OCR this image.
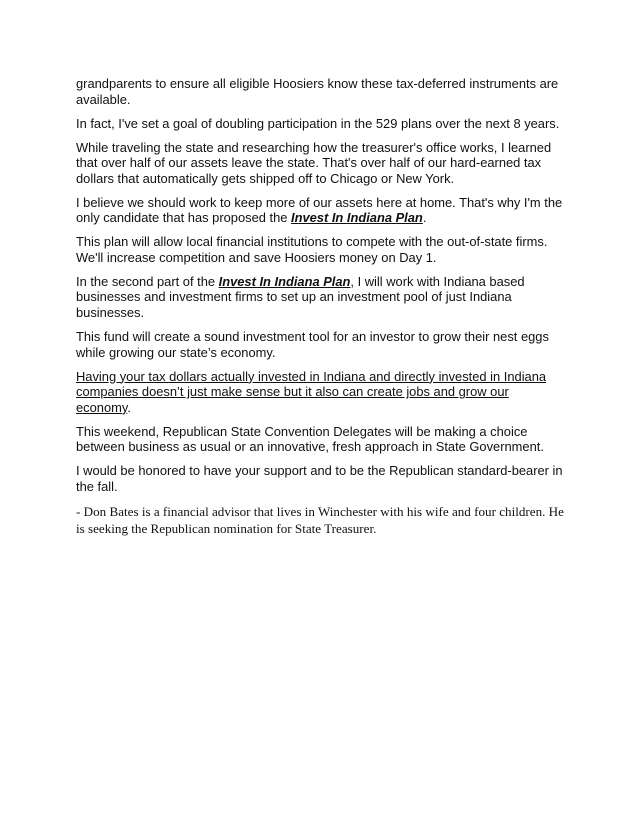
grandparents to ensure all eligible Hoosiers know these tax-deferred instruments are available.

In fact, I've set a goal of doubling participation in the 529 plans over the next 8 years.

While traveling the state and researching how the treasurer's office works, I learned that over half of our assets leave the state. That's over half of our hard-earned tax dollars that automatically gets shipped off to Chicago or New York.

I believe we should work to keep more of our assets here at home. That's why I'm the only candidate that has proposed the Invest In Indiana Plan.

This plan will allow local financial institutions to compete with the out-of-state firms. We'll increase competition and save Hoosiers money on Day 1.

In the second part of the Invest In Indiana Plan, I will work with Indiana based businesses and investment firms to set up an investment pool of just Indiana businesses.

This fund will create a sound investment tool for an investor to grow their nest eggs while growing our state’s economy.

Having your tax dollars actually invested in Indiana and directly invested in Indiana companies doesn’t just make sense but it also can create jobs and grow our economy.

This weekend, Republican State Convention Delegates will be making a choice between business as usual or an innovative, fresh approach in State Government.

I would be honored to have your support and to be the Republican standard-bearer in the fall.

- Don Bates is a financial advisor that lives in Winchester with his wife and four children. He is seeking the Republican nomination for State Treasurer.
